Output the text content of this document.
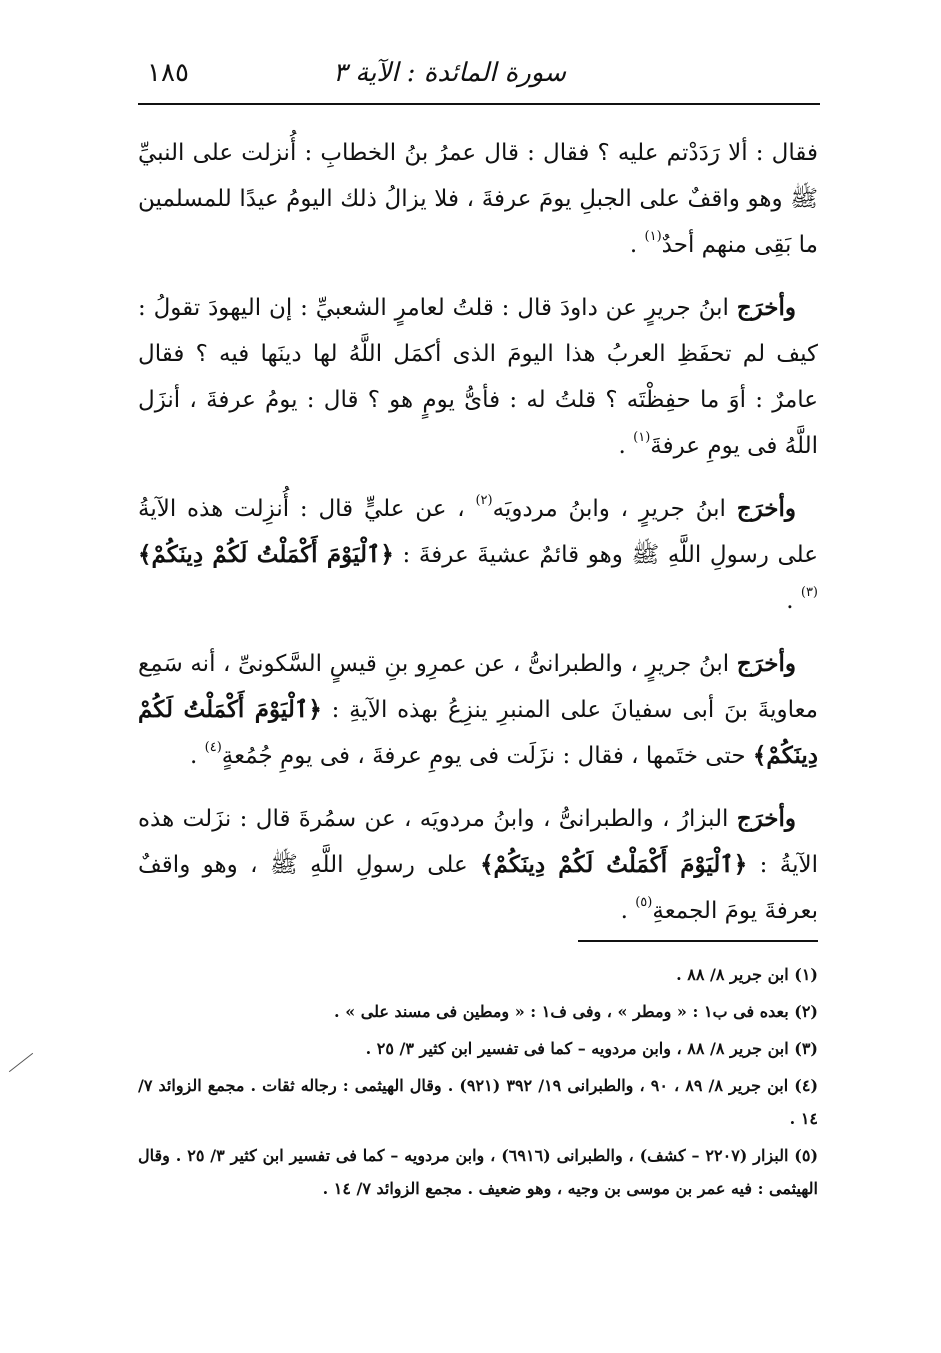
سورة المائدة : الآية ٣
١٨٥

فقال : ألا رَدَدْتم عليه ؟ فقال : قال عمرُ بنُ الخطابِ : أُنزلت على النبيِّ ﷺ وهو واقفٌ على الجبلِ يومَ عرفةَ ، فلا يزالُ ذلك اليومُ عيدًا للمسلمين ما بَقِى منهم أحدٌ$^{(١)}$ .

وأخرَج ابنُ جريرٍ عن داودَ قال : قلتُ لعامرٍ الشعبيِّ : إن اليهودَ تقولُ : كيف لم تحفَظِ العربُ هذا اليومَ الذى أكمَل اللَّهُ لها دينَها فيه ؟ فقال عامرٌ : أوَ ما حفِظْتَه ؟ قلتُ له : فأىُّ يومٍ هو ؟ قال : يومُ عرفةَ ، أنزَل اللَّهُ فى يومِ عرفةَ$^{(١)}$ .

وأخرَج ابنُ جريرٍ ، وابنُ مردويَه$^{(٢)}$ ، عن عليٍّ قال : أُنزِلت هذه الآيةُ على رسولِ اللَّهِ ﷺ وهو قائمٌ عشيةَ عرفةَ : ﴿ٱلْيَوْمَ أَكْمَلْتُ لَكُمْ دِينَكُمْ﴾$^{(٣)}$ .

وأخرَج ابنُ جريرٍ ، والطبرانىُّ ، عن عمرِو بنِ قيسٍ السَّكونىِّ ، أنه سَمِع معاويةَ بنَ أبى سفيانَ على المنبرِ ينزِعُ بهذه الآيةِ : ﴿ٱلْيَوْمَ أَكْمَلْتُ لَكُمْ دِينَكُمْ﴾ حتى ختَمها ، فقال : نزَلَت فى يومِ عرفةَ ، فى يومِ جُمُعةٍ$^{(٤)}$ .

وأخرَج البزارُ ، والطبرانىُّ ، وابنُ مردويَه ، عن سمُرةَ قال : نزَلت هذه الآيةُ : ﴿ٱلْيَوْمَ أَكْمَلْتُ لَكُمْ دِينَكُمْ﴾ على رسولِ اللَّهِ ﷺ ، وهو واقفٌ بعرفةَ يومَ الجمعةِ$^{(٥)}$ .

(١) ابن جرير ٨/ ٨٨ .

(٢) بعده فى ب١ : « ومطر » ، وفى ف١ : « ومطين فى مسند على » .

(٣) ابن جرير ٨/ ٨٨ ، وابن مردويه – كما فى تفسير ابن كثير ٣/ ٢٥ .

(٤) ابن جرير ٨/ ٨٩ ، ٩٠ ، والطبرانى ١٩/ ٣٩٢ (٩٢١) . وقال الهيثمى : رجاله ثقات . مجمع الزوائد ٧/ ١٤ .

(٥) البزار (٢٢٠٧ – كشف) ، والطبرانى (٦٩١٦) ، وابن مردويه – كما فى تفسير ابن كثير ٣/ ٢٥ . وقال الهيثمى : فيه عمر بن موسى بن وجيه ، وهو ضعيف . مجمع الزوائد ٧/ ١٤ .
